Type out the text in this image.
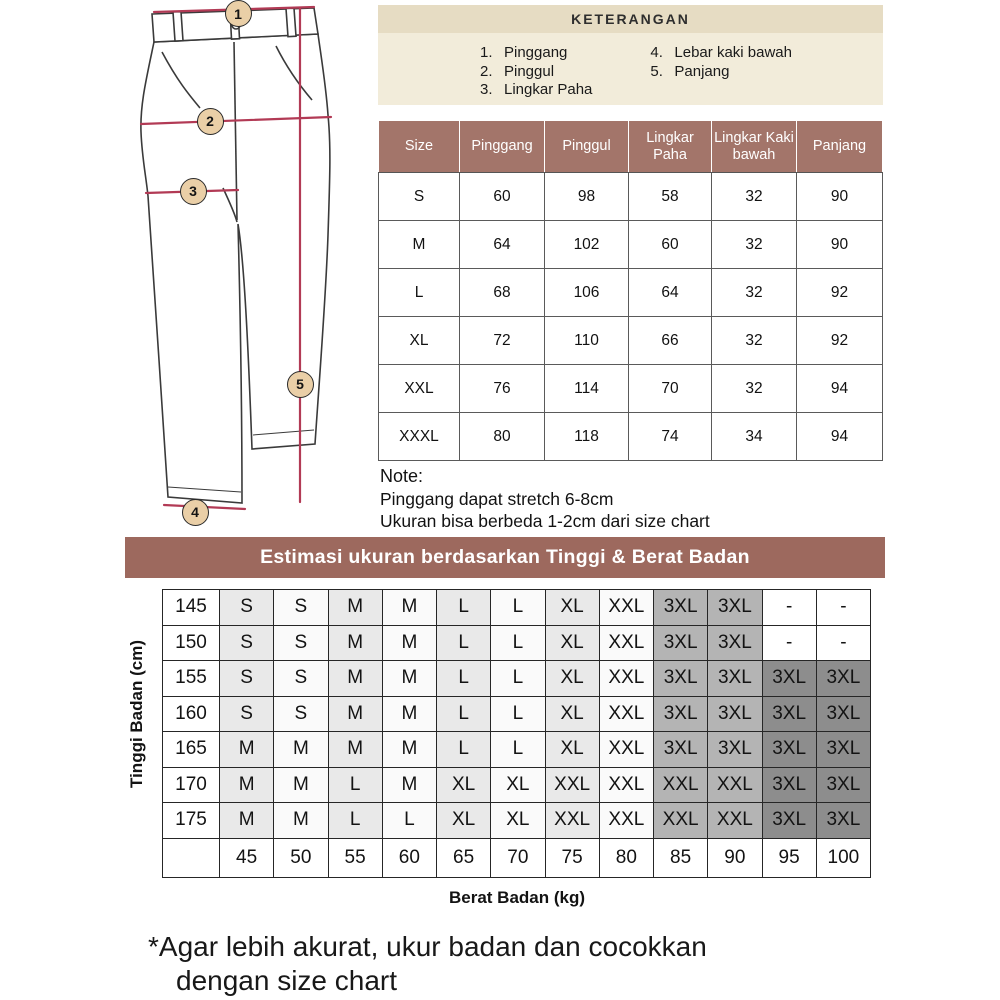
1
2
3
4
5
KETERANGAN
1. Pinggang
2. Pinggul
3. Lingkar Paha
4. Lebar kaki bawah
5. Panjang
Size	Pinggang	Pinggul	Lingkar Paha	Lingkar Kaki bawah	Panjang
S	60	98	58	32	90
M	64	102	60	32	90
L	68	106	64	32	92
XL	72	110	66	32	92
XXL	76	114	70	32	94
XXXL	80	118	74	34	94
Note:
Pinggang dapat stretch 6-8cm
Ukuran bisa berbeda 1-2cm dari size chart
Estimasi ukuran berdasarkan Tinggi & Berat Badan
Tinggi Badan (cm)
145	S	S	M	M	L	L	XL	XXL	3XL	3XL	-	-
150	S	S	M	M	L	L	XL	XXL	3XL	3XL	-	-
155	S	S	M	M	L	L	XL	XXL	3XL	3XL	3XL	3XL
160	S	S	M	M	L	L	XL	XXL	3XL	3XL	3XL	3XL
165	M	M	M	M	L	L	XL	XXL	3XL	3XL	3XL	3XL
170	M	M	L	M	XL	XL	XXL	XXL	XXL	XXL	3XL	3XL
175	M	M	L	L	XL	XL	XXL	XXL	XXL	XXL	3XL	3XL
	45	50	55	60	65	70	75	80	85	90	95	100
Berat Badan (kg)
*Agar lebih akurat, ukur badan dan cocokkan
dengan size chart
